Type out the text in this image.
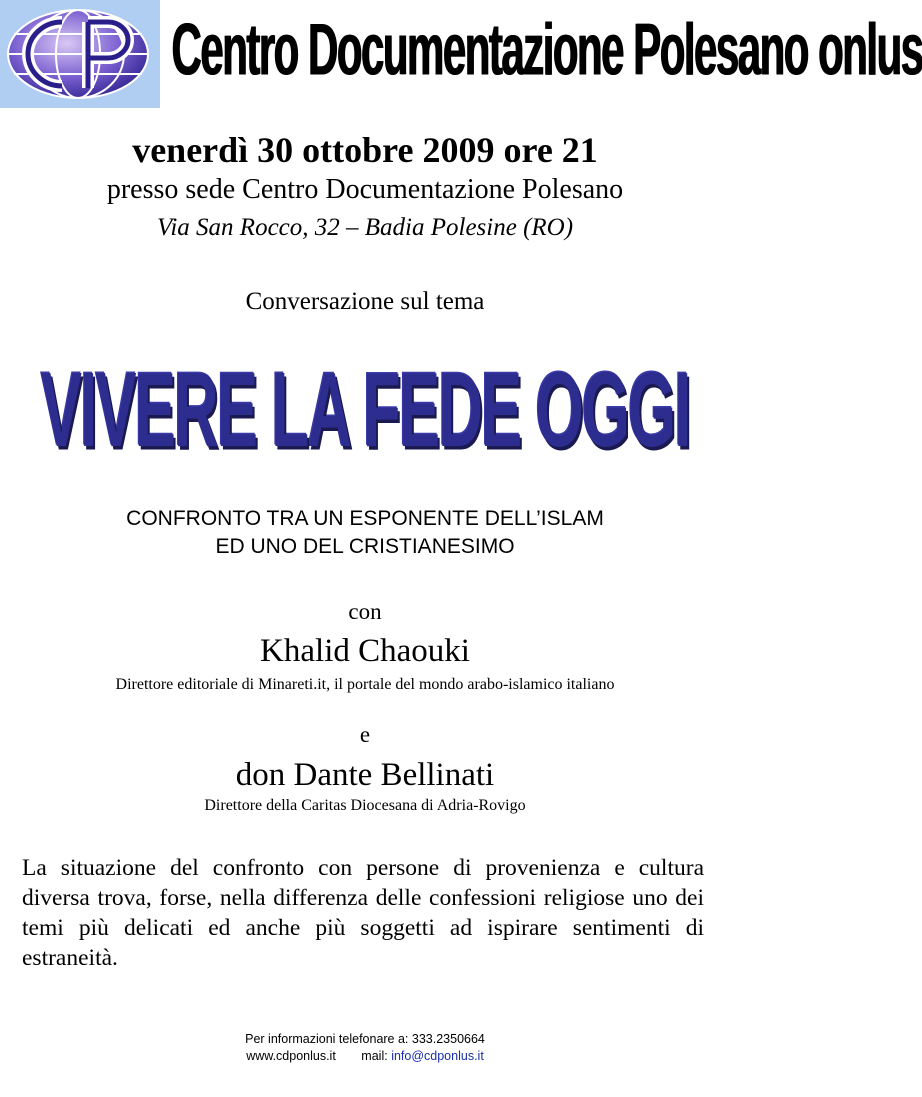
Centro Documentazione Polesano onlus
venerdì 30 ottobre 2009 ore 21
presso sede Centro Documentazione Polesano
Via San Rocco, 32 – Badia Polesine (RO)
Conversazione sul tema
VIVERE LA FEDE OGGI
CONFRONTO TRA UN ESPONENTE DELL’ISLAM
ED UNO DEL CRISTIANESIMO
con
Khalid Chaouki
Direttore editoriale di Minareti.it, il portale del mondo arabo-islamico italiano
e
don Dante Bellinati
Direttore della Caritas Diocesana di Adria-Rovigo
La situazione del confronto con persone di provenienza e cultura diversa trova, forse, nella differenza delle confessioni religiose uno dei temi più delicati ed anche più soggetti ad ispirare sentimenti di estraneità.
Per informazioni telefonare a: 333.2350664
www.cdponlus.it mail: info@cdponlus.it
